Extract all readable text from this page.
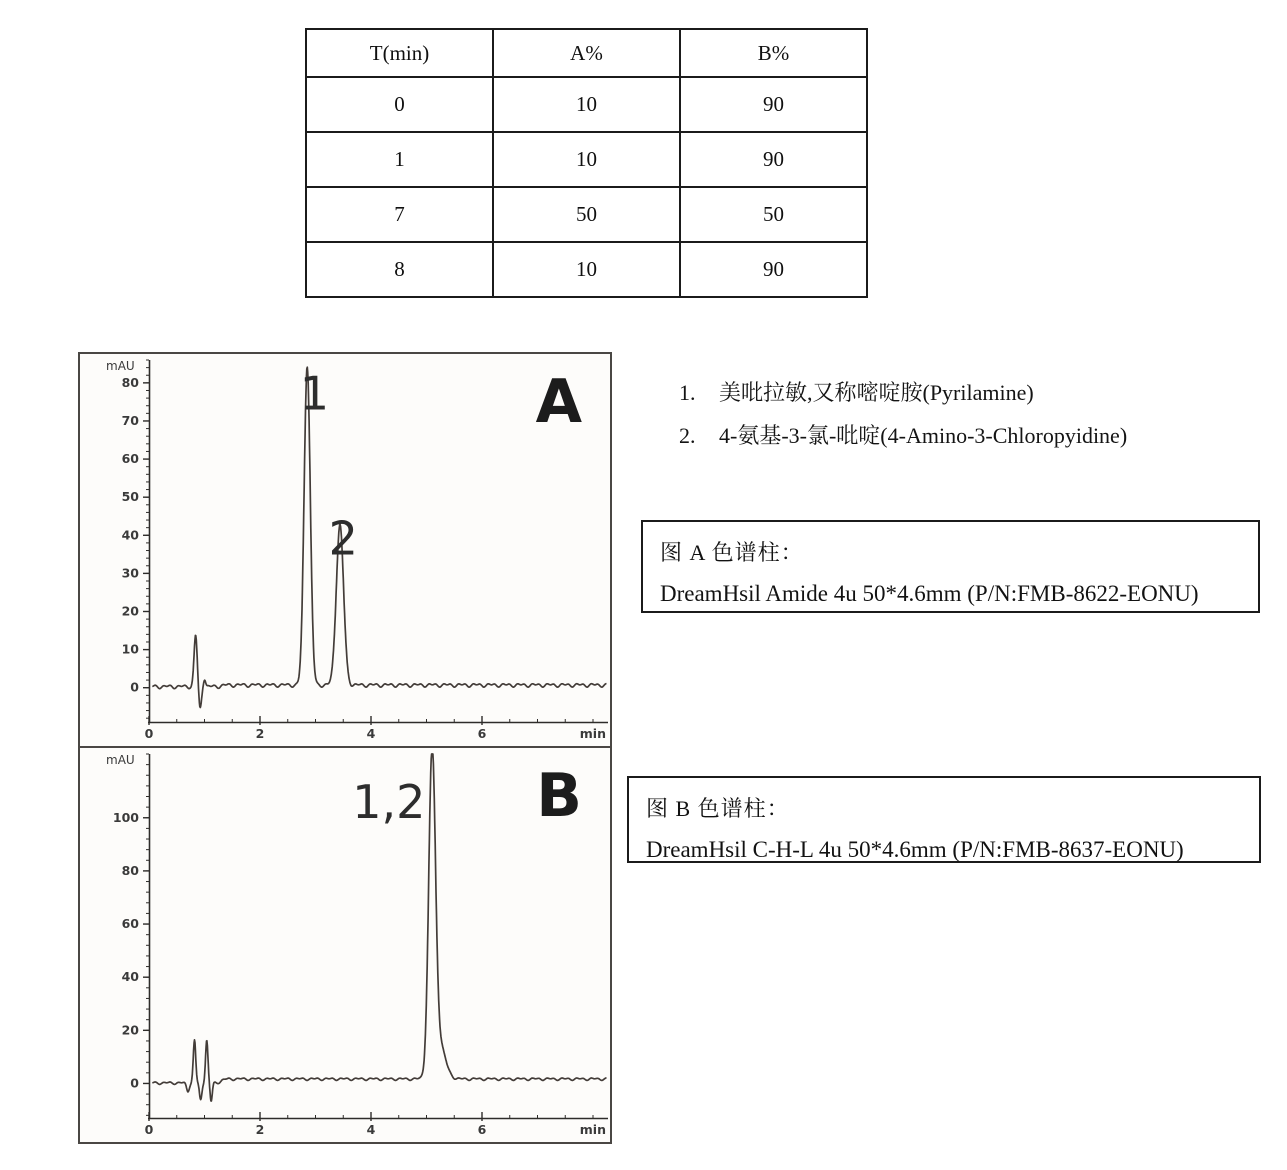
T(min)	A%	B%
0	10	90
1	10	90
7	50	50
8	10	90
0
10
20
30
40
50
60
70
80
0	2	4	6
mAU
min
1
2
A
0
20
40
60
80
100
0	2	4	6
mAU
min
1,2 B
1.	美吡拉敏,又称嘧啶胺(Pyrilamine)
2.	4-氨基-3-氯-吡啶(4-Amino-3-Chloropyidine)
图 A 色谱柱：
DreamHsil Amide 4u 50*4.6mm (P/N:FMB-8622-EONU)
图 B 色谱柱：
DreamHsil C-H-L 4u 50*4.6mm (P/N:FMB-8637-EONU)
